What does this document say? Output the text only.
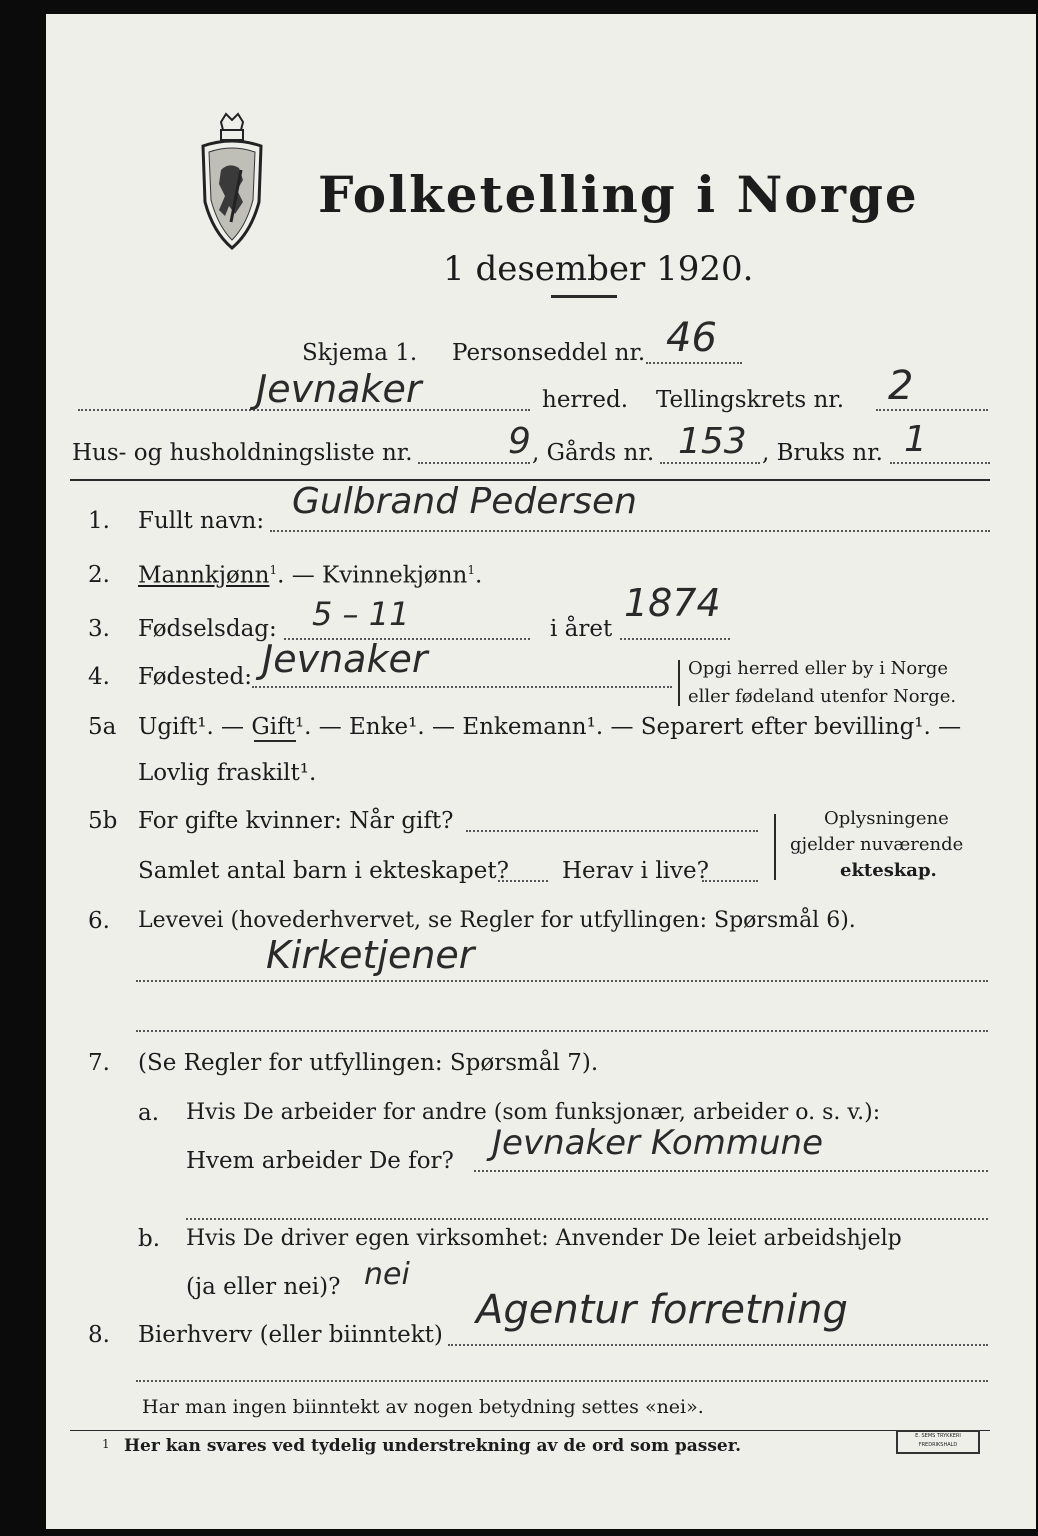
Folketelling i Norge
1 desember 1920.
Skjema 1. Personseddel nr. 46
Jevnaker	herred. Tellingskrets nr. 2
Hus- og husholdningsliste nr.	9 , Gårds nr. 153 , Bruks nr. 1
1. Fullt navn: Gulbrand Pedersen
2. Mannkjønn$^1$. — Kvinnekjønn$^1$.
3. Fødselsdag: 5 – 11	i året
1874
4. Fødested: Jevnaker	Opgi herred eller by i Norge
eller fødeland utenfor Norge.
5a Ugift¹. — Gift¹. — Enke¹. — Enkemann¹. — Separert efter bevilling¹. —
Lovlig fraskilt¹.
5b For gifte kvinner: Når gift?
Samlet antal barn i ekteskapet? Herav i live?
Oplysningene
gjelder nuværende
ekteskap.
6. Levevei (hovederhvervet, se Regler for utfyllingen: Spørsmål 6).
Kirketjener
7. (Se Regler for utfyllingen: Spørsmål 7).
a. Hvis De arbeider for andre (som funksjonær, arbeider o. s. v.):
Hvem arbeider De for? Jevnaker Kommune
b. Hvis De driver egen virksomhet: Anvender De leiet arbeidshjelp
(ja eller nei)? nei
8. Bierhverv (eller biinntekt)
Agentur forretning
Har man ingen biinntekt av nogen betydning settes «nei».
1 Her kan svares ved tydelig understrekning av de ord som passer.	E. SEMS TRYKKERI FREDRIKSHALD
